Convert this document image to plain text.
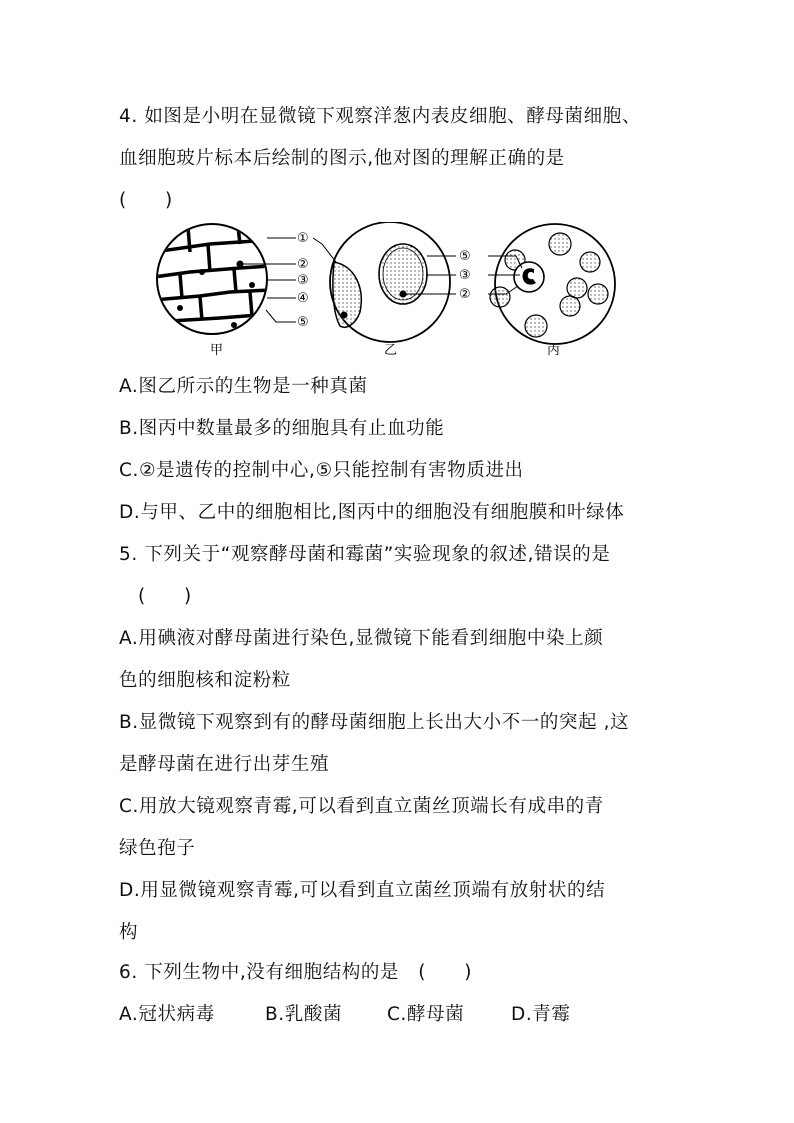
4. 如图是小明在显微镜下观察洋葱内表皮细胞、酵母菌细胞、
血细胞玻片标本后绘制的图示,他对图的理解正确的是
(　　)
①
②
③
④
⑤
⑤
③
②
甲	乙	丙
A.图乙所示的生物是一种真菌
B.图丙中数量最多的细胞具有止血功能
C.②是遗传的控制中心,⑤只能控制有害物质进出
D.与甲、乙中的细胞相比,图丙中的细胞没有细胞膜和叶绿体
5. 下列关于“观察酵母菌和霉菌”实验现象的叙述,错误的是
(　　)
A.用碘液对酵母菌进行染色,显微镜下能看到细胞中染上颜
色的细胞核和淀粉粒
B.显微镜下观察到有的酵母菌细胞上长出大小不一的突起 ,这
是酵母菌在进行出芽生殖
C.用放大镜观察青霉,可以看到直立菌丝顶端长有成串的青
绿色孢子
D.用显微镜观察青霉,可以看到直立菌丝顶端有放射状的结
构
6. 下列生物中,没有细胞结构的是　(　　)
A.冠状病毒	B.乳酸菌 C.酵母菌	D.青霉
